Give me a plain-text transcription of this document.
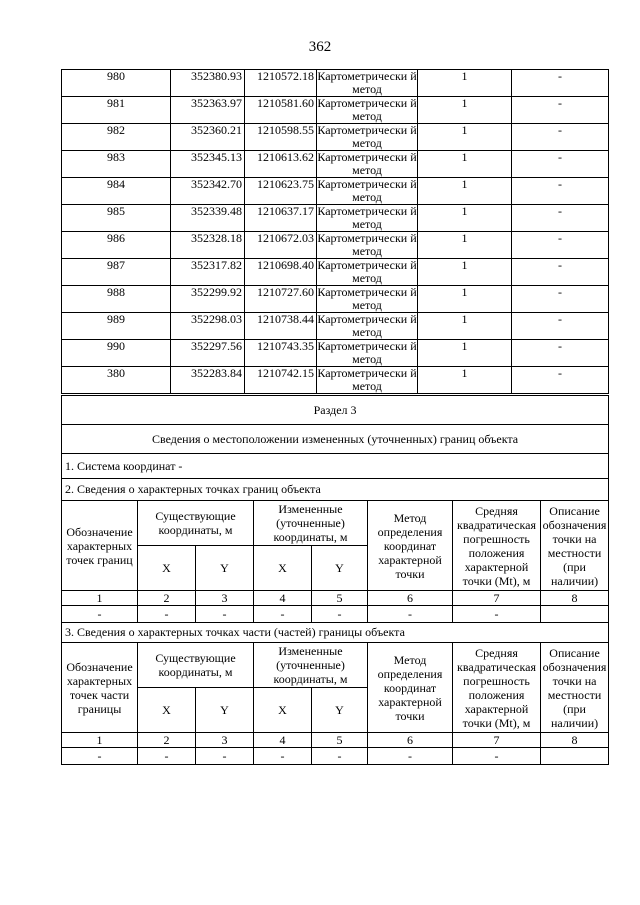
362
980	352380.93	1210572.18	Картометрически й метод	1	-
981	352363.97	1210581.60	Картометрически й метод	1	-
982	352360.21	1210598.55	Картометрически й метод	1	-
983	352345.13	1210613.62	Картометрически й метод	1	-
984	352342.70	1210623.75	Картометрически й метод	1	-
985	352339.48	1210637.17	Картометрически й метод	1	-
986	352328.18	1210672.03	Картометрически й метод	1	-
987	352317.82	1210698.40	Картометрически й метод	1	-
988	352299.92	1210727.60	Картометрически й метод	1	-
989	352298.03	1210738.44	Картометрически й метод	1	-
990	352297.56	1210743.35	Картометрически й метод	1	-
380	352283.84	1210742.15	Картометрически й метод	1	-
Раздел 3							
Сведения о местоположении измененных (уточненных) границ объекта							
1. Система координат -							
2. Сведения о характерных точках границ объекта							
Обозначение характерных точек границ	Существующие координаты, м		Измененные (уточненные) координаты, м		Метод определения координат характерной точки	Средняя квадратическая погрешность положения характерной точки (Mt), м	Описание обозначения точки на местности (при наличии)
	X	Y	X	Y			
1	2	3	4	5	6	7	8
-	-	-	-	-	-	-	
3. Сведения о характерных точках части (частей) границы объекта							
Обозначение характерных точек части границы	Существующие координаты, м		Измененные (уточненные) координаты, м		Метод определения координат характерной точки	Средняя квадратическая погрешность положения характерной точки (Mt), м	Описание обозначения точки на местности (при наличии)
	X	Y	X	Y			
1	2	3	4	5	6	7	8
-	-	-	-	-	-	-	
